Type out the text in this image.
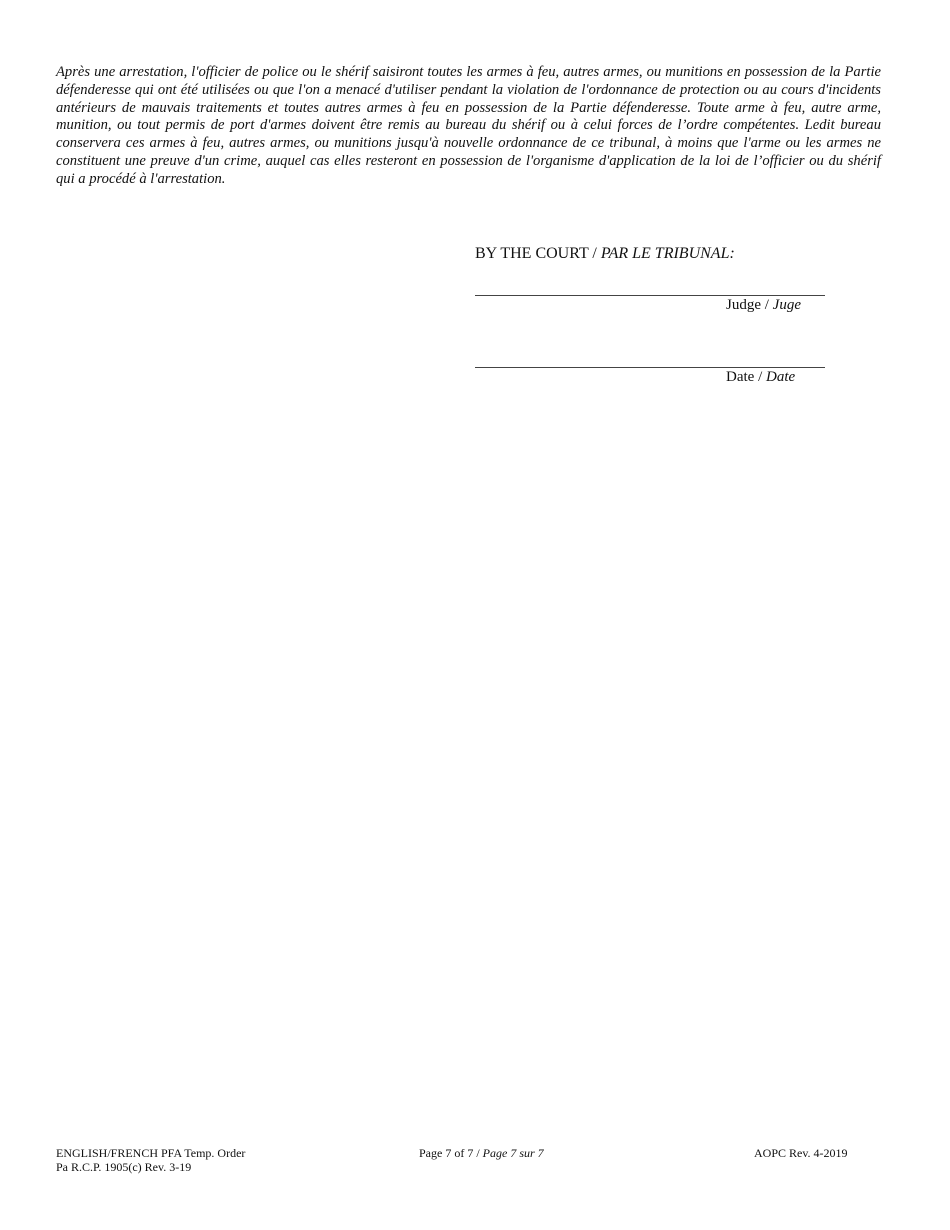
Après une arrestation, l'officier de police ou le shérif saisiront toutes les armes à feu, autres armes, ou munitions en possession de la Partie défenderesse qui ont été utilisées ou que l'on a menacé d'utiliser pendant la violation de l'ordonnance de protection ou au cours d'incidents antérieurs de mauvais traitements et toutes autres armes à feu en possession de la Partie défenderesse. Toute arme à feu, autre arme, munition, ou tout permis de port d'armes doivent être remis au bureau du shérif ou à celui forces de l’ordre compétentes. Ledit bureau conservera ces armes à feu, autres armes, ou munitions jusqu'à nouvelle ordonnance de ce tribunal, à moins que l'arme ou les armes ne constituent une preuve d'un crime, auquel cas elles resteront en possession de l'organisme d'application de la loi de l’officier ou du shérif qui a procédé à l'arrestation.

BY THE COURT / PAR LE TRIBUNAL:
Judge / Juge
Date / Date
ENGLISH/FRENCH PFA Temp. Order
Pa R.C.P. 1905(c) Rev. 3-19
Page 7 of 7 / Page 7 sur 7	AOPC Rev. 4-2019
